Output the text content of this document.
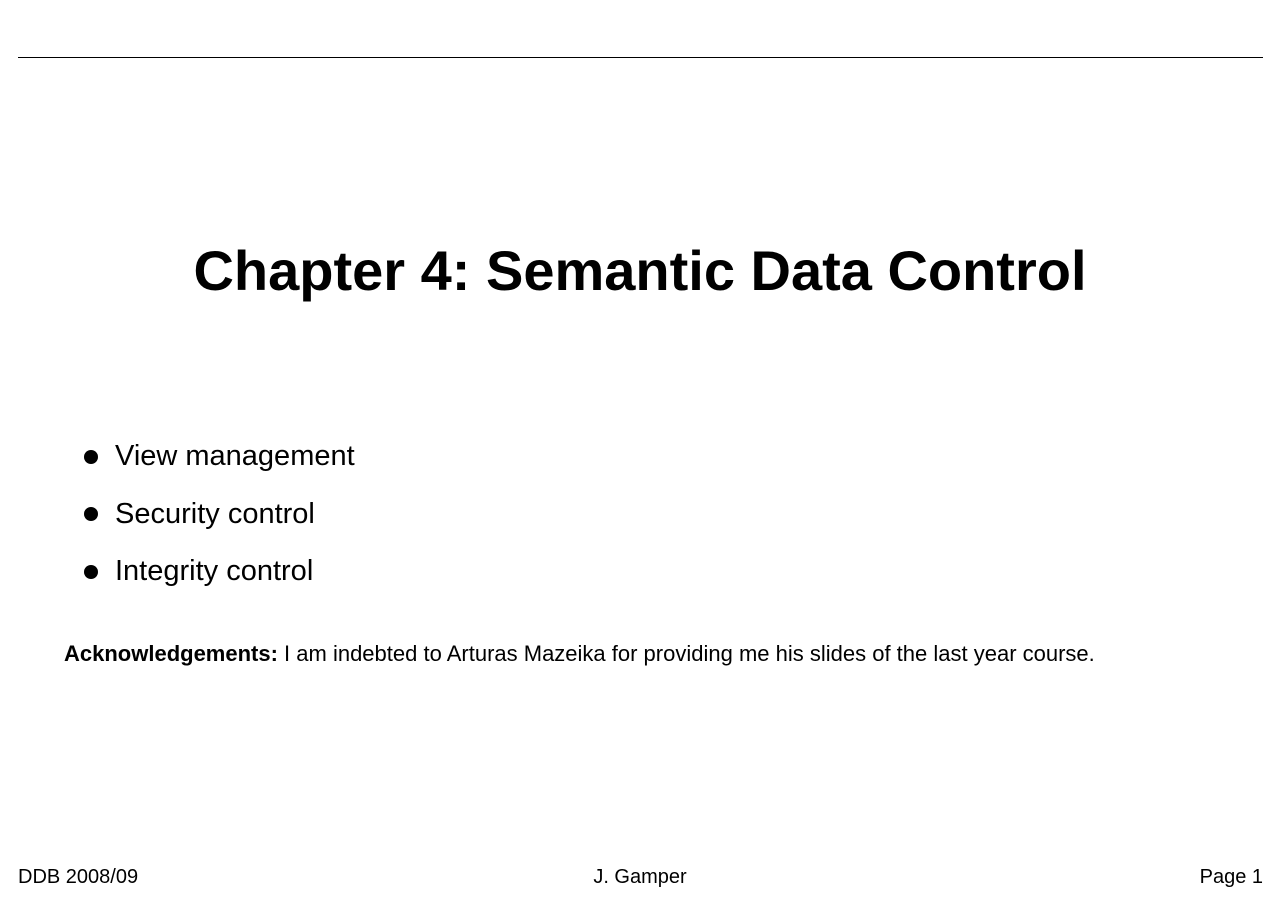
Chapter 4: Semantic Data Control
View management
Security control
Integrity control
Acknowledgements: I am indebted to Arturas Mazeika for providing me his slides of the last year course.
J. Gamper
DDB 2008/09	Page 1
